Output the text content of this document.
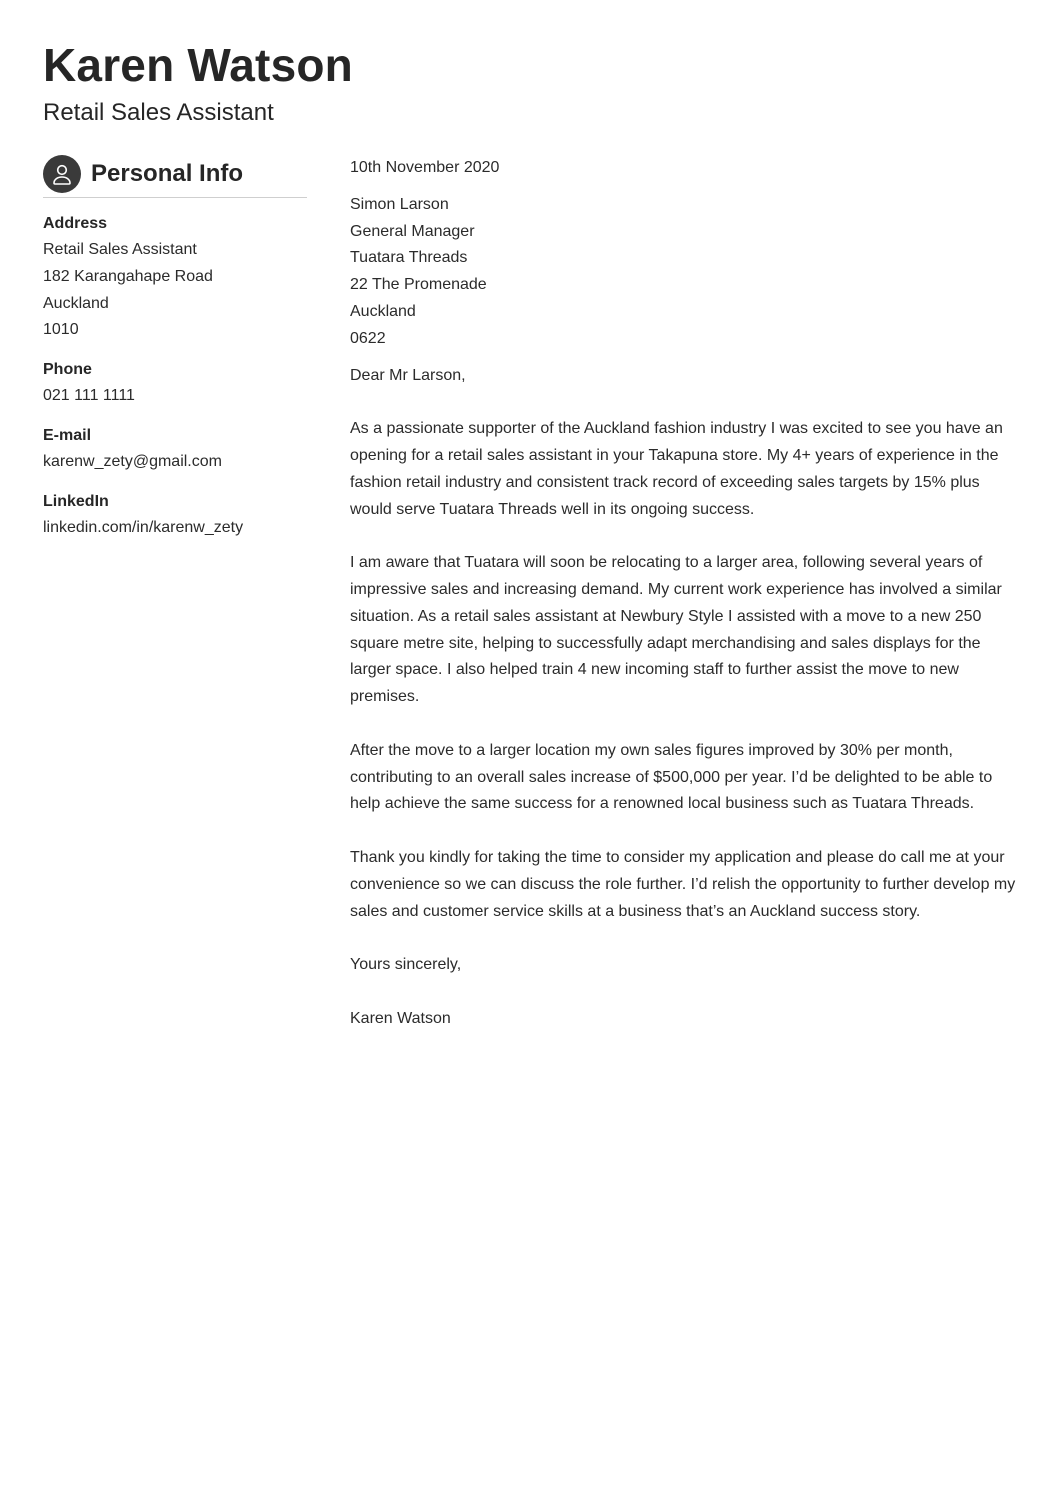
Karen Watson
Retail Sales Assistant
Personal Info
Address
Retail Sales Assistant
182 Karangahape Road
Auckland
1010
Phone
021 111 1111
E-mail
karenw_zety@gmail.com
LinkedIn
linkedin.com/in/karenw_zety

10th November 2020

Simon Larson

General Manager

Tuatara Threads

22 The Promenade

Auckland

0622

Dear Mr Larson,

As a passionate supporter of the Auckland fashion industry I was excited to see you have an opening for a retail sales assistant in your Takapuna store. My 4+ years of experience in the fashion retail industry and consistent track record of exceeding sales targets by 15% plus would serve Tuatara Threads well in its ongoing success.

I am aware that Tuatara will soon be relocating to a larger area, following several years of impressive sales and increasing demand. My current work experience has involved a similar situation. As a retail sales assistant at Newbury Style I assisted with a move to a new 250 square metre site, helping to successfully adapt merchandising and sales displays for the larger space. I also helped train 4 new incoming staff to further assist the move to new premises.

After the move to a larger location my own sales figures improved by 30% per month, contributing to an overall sales increase of $500,000 per year. I’d be delighted to be able to help achieve the same success for a renowned local business such as Tuatara Threads.

Thank you kindly for taking the time to consider my application and please do call me at your convenience so we can discuss the role further. I’d relish the opportunity to further develop my sales and customer service skills at a business that’s an Auckland success story.

Yours sincerely,

Karen Watson
